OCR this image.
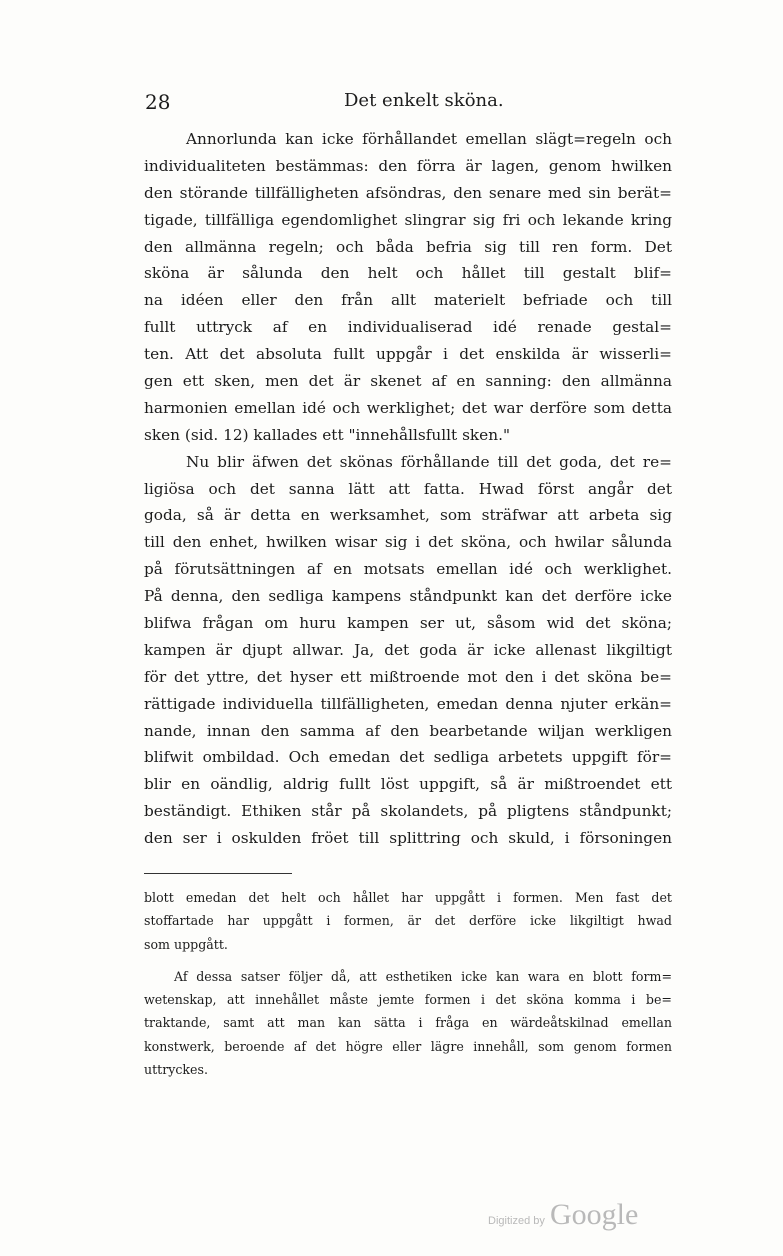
28	Det enkelt sköna.
Annorlunda kan icke förhållandet emellan slägt=regeln och
individualiteten bestämmas: den förra är lagen, genom hwilken
den störande tillfälligheten afsöndras, den senare med sin berät=
tigade, tillfälliga egendomlighet slingrar sig fri och lekande kring
den allmänna regeln; och båda befria sig till ren form. Det
sköna är sålunda den helt och hållet till gestalt blif=
na idéen eller den från allt materielt befriade och till
fullt uttryck af en individualiserad idé renade gestal=
ten. Att det absoluta fullt uppgår i det enskilda är wisserli=
gen ett sken, men det är skenet af en sanning: den allmänna
harmonien emellan idé och werklighet; det war derföre som detta
sken (sid. 12) kallades ett "innehållsfullt sken."
Nu blir äfwen det skönas förhållande till det goda, det re=
ligiösa och det sanna lätt att fatta. Hwad först angår det
goda, så är detta en werksamhet, som sträfwar att arbeta sig
till den enhet, hwilken wisar sig i det sköna, och hwilar sålunda
på förutsättningen af en motsats emellan idé och werklighet.
På denna, den sedliga kampens ståndpunkt kan det derföre icke
blifwa frågan om huru kampen ser ut, såsom wid det sköna;
kampen är djupt allwar. Ja, det goda är icke allenast likgiltigt
för det yttre, det hyser ett mißtroende mot den i det sköna be=
rättigade individuella tillfälligheten, emedan denna njuter erkän=
nande, innan den samma af den bearbetande wiljan werkligen
blifwit ombildad. Och emedan det sedliga arbetets uppgift för=
blir en oändlig, aldrig fullt löst uppgift, så är mißtroendet ett
beständigt. Ethiken står på skolandets, på pligtens ståndpunkt;
den ser i oskulden fröet till splittring och skuld, i försoningen
blott emedan det helt och hållet har uppgått i formen. Men fast det
stoffartade har uppgått i formen, är det derföre icke likgiltigt hwad
som uppgått.
Af dessa satser följer då, att esthetiken icke kan wara en blott form=
wetenskap, att innehållet måste jemte formen i det sköna komma i be=
traktande, samt att man kan sätta i fråga en wärdeåtskilnad emellan
konstwerk, beroende af det högre eller lägre innehåll, som genom formen
uttryckes.
Digitized by Google
